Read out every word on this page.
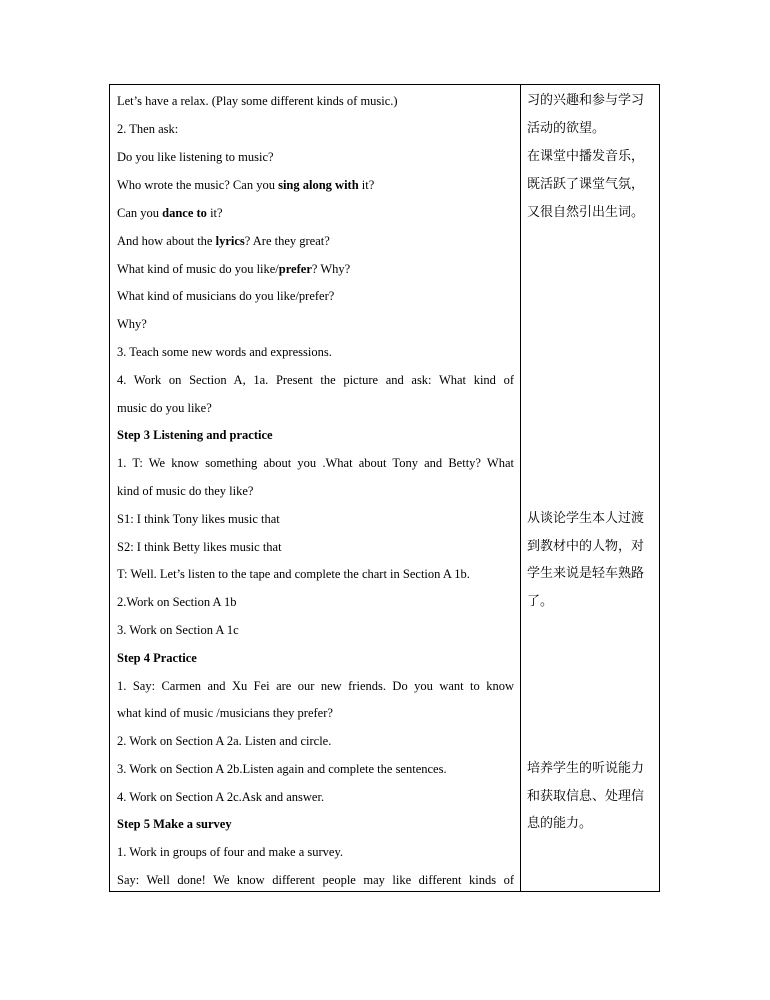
Let’s have a relax. (Play some different kinds of music.)
2. Then ask:
Do you like listening to music?
Who wrote the music? Can you sing along with it?
Can you dance to it?
And how about the lyrics? Are they great?
What kind of music do you like/prefer? Why?
What kind of musicians do you like/prefer?
Why?
3. Teach some new words and expressions.
4. Work on Section A, 1a. Present the picture and ask: What kind of
music do you like?
Step 3 Listening and practice
1. T: We know something about you .What about Tony and Betty? What
kind of music do they like?
S1: I think Tony likes music that
S2: I think Betty likes music that
T: Well. Let’s listen to the tape and complete the chart in Section A 1b.
2.Work on Section A 1b
3. Work on Section A 1c
Step 4 Practice
1. Say: Carmen and Xu Fei are our new friends. Do you want to know
what kind of music /musicians they prefer?
2. Work on Section A 2a. Listen and circle.
3. Work on Section A 2b.Listen again and complete the sentences.
4. Work on Section A 2c.Ask and answer.
Step 5 Make a survey
1. Work in groups of four and make a survey.
Say: Well done! We know different people may like different kinds of
习的兴趣和参与学习
活动的欲望。
在课堂中播发音乐，
既活跃了课堂气氛，
又很自然引出生词。
从谈论学生本人过渡
到教材中的人物，对
学生来说是轻车熟路
了。
培养学生的听说能力
和获取信息、处理信
息的能力。
